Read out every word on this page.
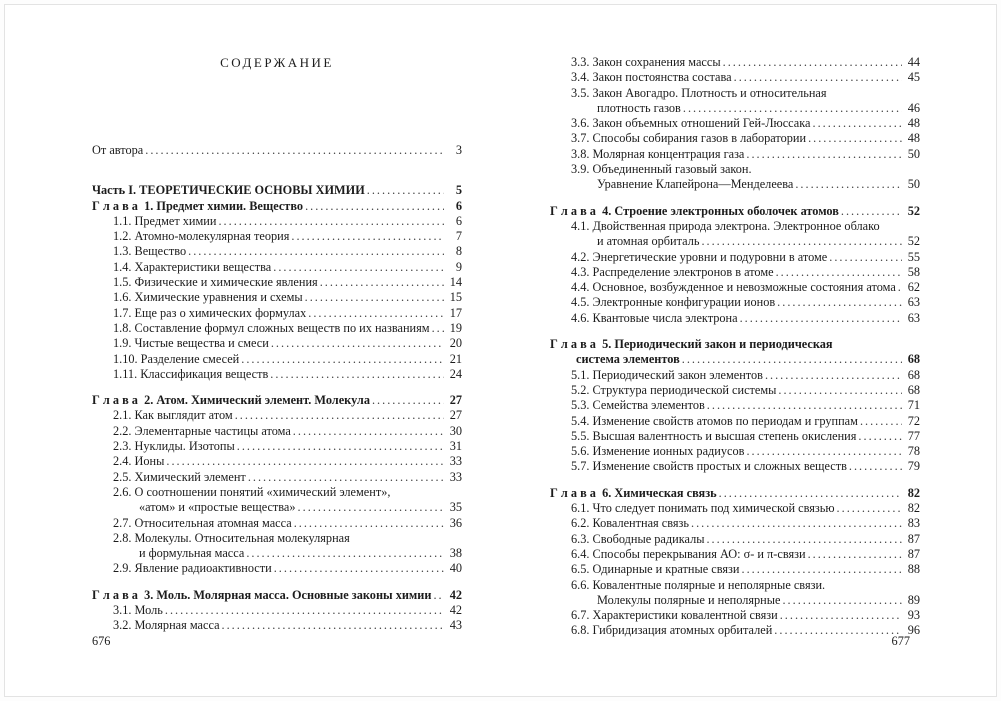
СОДЕРЖАНИЕ
От автора .....	3
Часть I. ТЕОРЕТИЧЕСКИЕ ОСНОВЫ ХИМИИ .....	5
Г л а в а  1. Предмет химии. Вещество .....	6
1.1. Предмет химии .....	6
1.2. Атомно-молекулярная теория .....	7
1.3. Вещество .....	8
1.4. Характеристики вещества .....	9
1.5. Физические и химические явления .....	14
1.6. Химические уравнения и схемы .....	15
1.7. Еще раз о химических формулах .....	17
1.8. Составление формул сложных веществ по их названиям .....	19
1.9. Чистые вещества и смеси .....	20
1.10. Разделение смесей .....	21
1.11. Классификация веществ .....	24
Г л а в а  2. Атом. Химический элемент. Молекула .....	27
2.1. Как выглядит атом .....	27
2.2. Элементарные частицы атома .....	30
2.3. Нуклиды. Изотопы .....	31
2.4. Ионы .....	33
2.5. Химический элемент .....	33
2.6. О соотношении понятий «химический элемент»,
«атом» и «простые вещества» .....	35
2.7. Относительная атомная масса .....	36
2.8. Молекулы. Относительная молекулярная
и формульная масса .....	38
2.9. Явление радиоактивности .....	40
Г л а в а  3. Моль. Молярная масса. Основные законы химии .....	42
3.1. Моль .....	42
3.2. Молярная масса .....	43
3.3. Закон сохранения массы .....	44
3.4. Закон постоянства состава .....	45
3.5. Закон Авогадро. Плотность и относительная
плотность газов .....	46
3.6. Закон объемных отношений Гей-Люссака .....	48
3.7. Способы собирания газов в лаборатории .....	48
3.8. Молярная концентрация газа .....	50
3.9. Объединенный газовый закон.
Уравнение Клапейрона—Менделеева .....	50
Г л а в а  4. Строение электронных оболочек атомов .....	52
4.1. Двойственная природа электрона. Электронное облако
и атомная орбиталь .....	52
4.2. Энергетические уровни и подуровни в атоме .....	55
4.3. Распределение электронов в атоме .....	58
4.4. Основное, возбужденное и невозможные состояния атома ..... 62
4.5. Электронные конфигурации ионов .....	63
4.6. Квантовые числа электрона .....	63
Г л а в а  5. Периодический закон и периодическая
система элементов .....	68
5.1. Периодический закон элементов .....	68
5.2. Структура периодической системы .....	68
5.3. Семейства элементов .....	71
5.4. Изменение свойств атомов по периодам и группам .....	72
5.5. Высшая валентность и высшая степень окисления .....	77
5.6. Изменение ионных радиусов .....	78
5.7. Изменение свойств простых и сложных веществ .....	79
Г л а в а  6. Химическая связь .....	82
6.1. Что следует понимать под химической связью .....	82
6.2. Ковалентная связь .....	83
6.3. Свободные радикалы .....	87
6.4. Способы перекрывания АО: σ- и π-связи .....	87
6.5. Одинарные и кратные связи .....	88
6.6. Ковалентные полярные и неполярные связи.
Молекулы полярные и неполярные .....	89
6.7. Характеристики ковалентной связи .....	93
6.8. Гибридизация атомных орбиталей .....	96
676	677
